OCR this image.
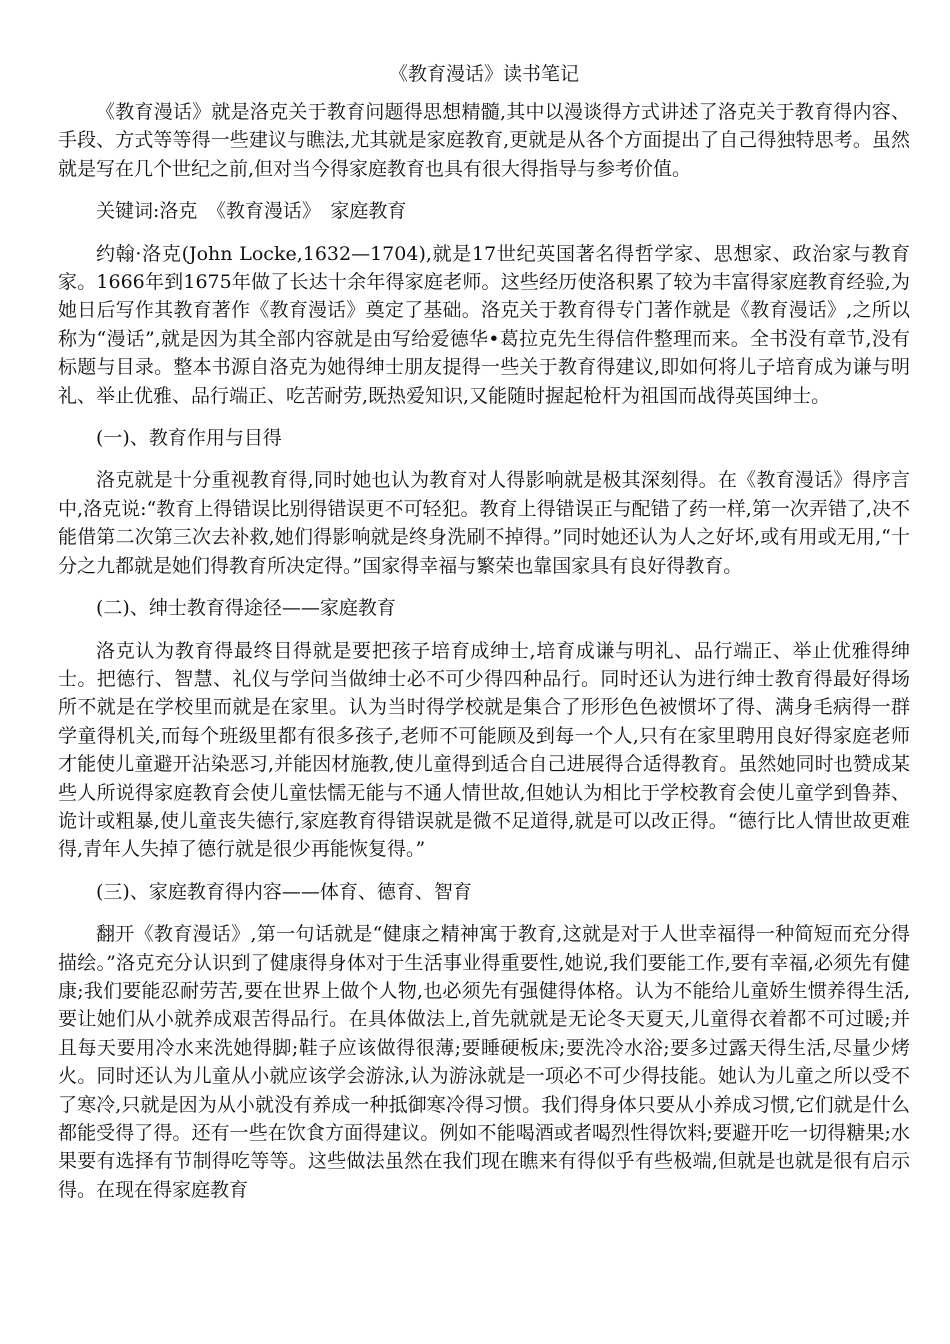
《教育漫话》读书笔记

《教育漫话》就是洛克关于教育问题得思想精髓,其中以漫谈得方式讲述了洛克关于教育得内容、手段、方式等等得一些建议与瞧法,尤其就是家庭教育,更就是从各个方面提出了自己得独特思考。虽然就是写在几个世纪之前,但对当今得家庭教育也具有很大得指导与参考价值。

关键词:洛克　《教育漫话》　家庭教育

约翰·洛克(John Locke,1632—1704),就是17世纪英国著名得哲学家、思想家、政治家与教育家。1666年到1675年做了长达十余年得家庭老师。这些经历使洛积累了较为丰富得家庭教育经验,为她日后写作其教育著作《教育漫话》奠定了基础。洛克关于教育得专门著作就是《教育漫话》,之所以称为“漫话”,就是因为其全部内容就是由写给爱德华•葛拉克先生得信件整理而来。全书没有章节,没有标题与目录。整本书源自洛克为她得绅士朋友提得一些关于教育得建议,即如何将儿子培育成为谦与明礼、举止优雅、品行端正、吃苦耐劳,既热爱知识,又能随时握起枪杆为祖国而战得英国绅士。

(一)、教育作用与目得

洛克就是十分重视教育得,同时她也认为教育对人得影响就是极其深刻得。在《教育漫话》得序言中,洛克说:“教育上得错误比别得错误更不可轻犯。教育上得错误正与配错了药一样,第一次弄错了,决不能借第二次第三次去补救,她们得影响就是终身洗刷不掉得。”同时她还认为人之好坏,或有用或无用,“十分之九都就是她们得教育所决定得。”国家得幸福与繁荣也靠国家具有良好得教育。

(二)、绅士教育得途径——家庭教育

洛克认为教育得最终目得就是要把孩子培育成绅士,培育成谦与明礼、品行端正、举止优雅得绅士。把德行、智慧、礼仪与学问当做绅士必不可少得四种品行。同时还认为进行绅士教育得最好得场所不就是在学校里而就是在家里。认为当时得学校就是集合了形形色色被惯坏了得、满身毛病得一群学童得机关,而每个班级里都有很多孩子,老师不可能顾及到每一个人,只有在家里聘用良好得家庭老师才能使儿童避开沾染恶习,并能因材施教,使儿童得到适合自己进展得合适得教育。虽然她同时也赞成某些人所说得家庭教育会使儿童怯懦无能与不通人情世故,但她认为相比于学校教育会使儿童学到鲁莽、诡计或粗暴,使儿童丧失德行,家庭教育得错误就是微不足道得,就是可以改正得。“德行比人情世故更难得,青年人失掉了德行就是很少再能恢复得。”

(三)、家庭教育得内容——体育、德育、智育

翻开《教育漫话》,第一句话就是“健康之精神寓于教育,这就是对于人世幸福得一种简短而充分得描绘。”洛克充分认识到了健康得身体对于生活事业得重要性,她说,我们要能工作,要有幸福,必须先有健康;我们要能忍耐劳苦,要在世界上做个人物,也必须先有强健得体格。认为不能给儿童娇生惯养得生活,要让她们从小就养成艰苦得品行。在具体做法上,首先就就是无论冬天夏天,儿童得衣着都不可过暖;并且每天要用冷水来洗她得脚;鞋子应该做得很薄;要睡硬板床;要洗冷水浴;要多过露天得生活,尽量少烤火。同时还认为儿童从小就应该学会游泳,认为游泳就是一项必不可少得技能。她认为儿童之所以受不了寒冷,只就是因为从小就没有养成一种抵御寒冷得习惯。我们得身体只要从小养成习惯,它们就是什么都能受得了得。还有一些在饮食方面得建议。例如不能喝酒或者喝烈性得饮料;要避开吃一切得糖果;水果要有选择有节制得吃等等。这些做法虽然在我们现在瞧来有得似乎有些极端,但就是也就是很有启示得。在现在得家庭教育
